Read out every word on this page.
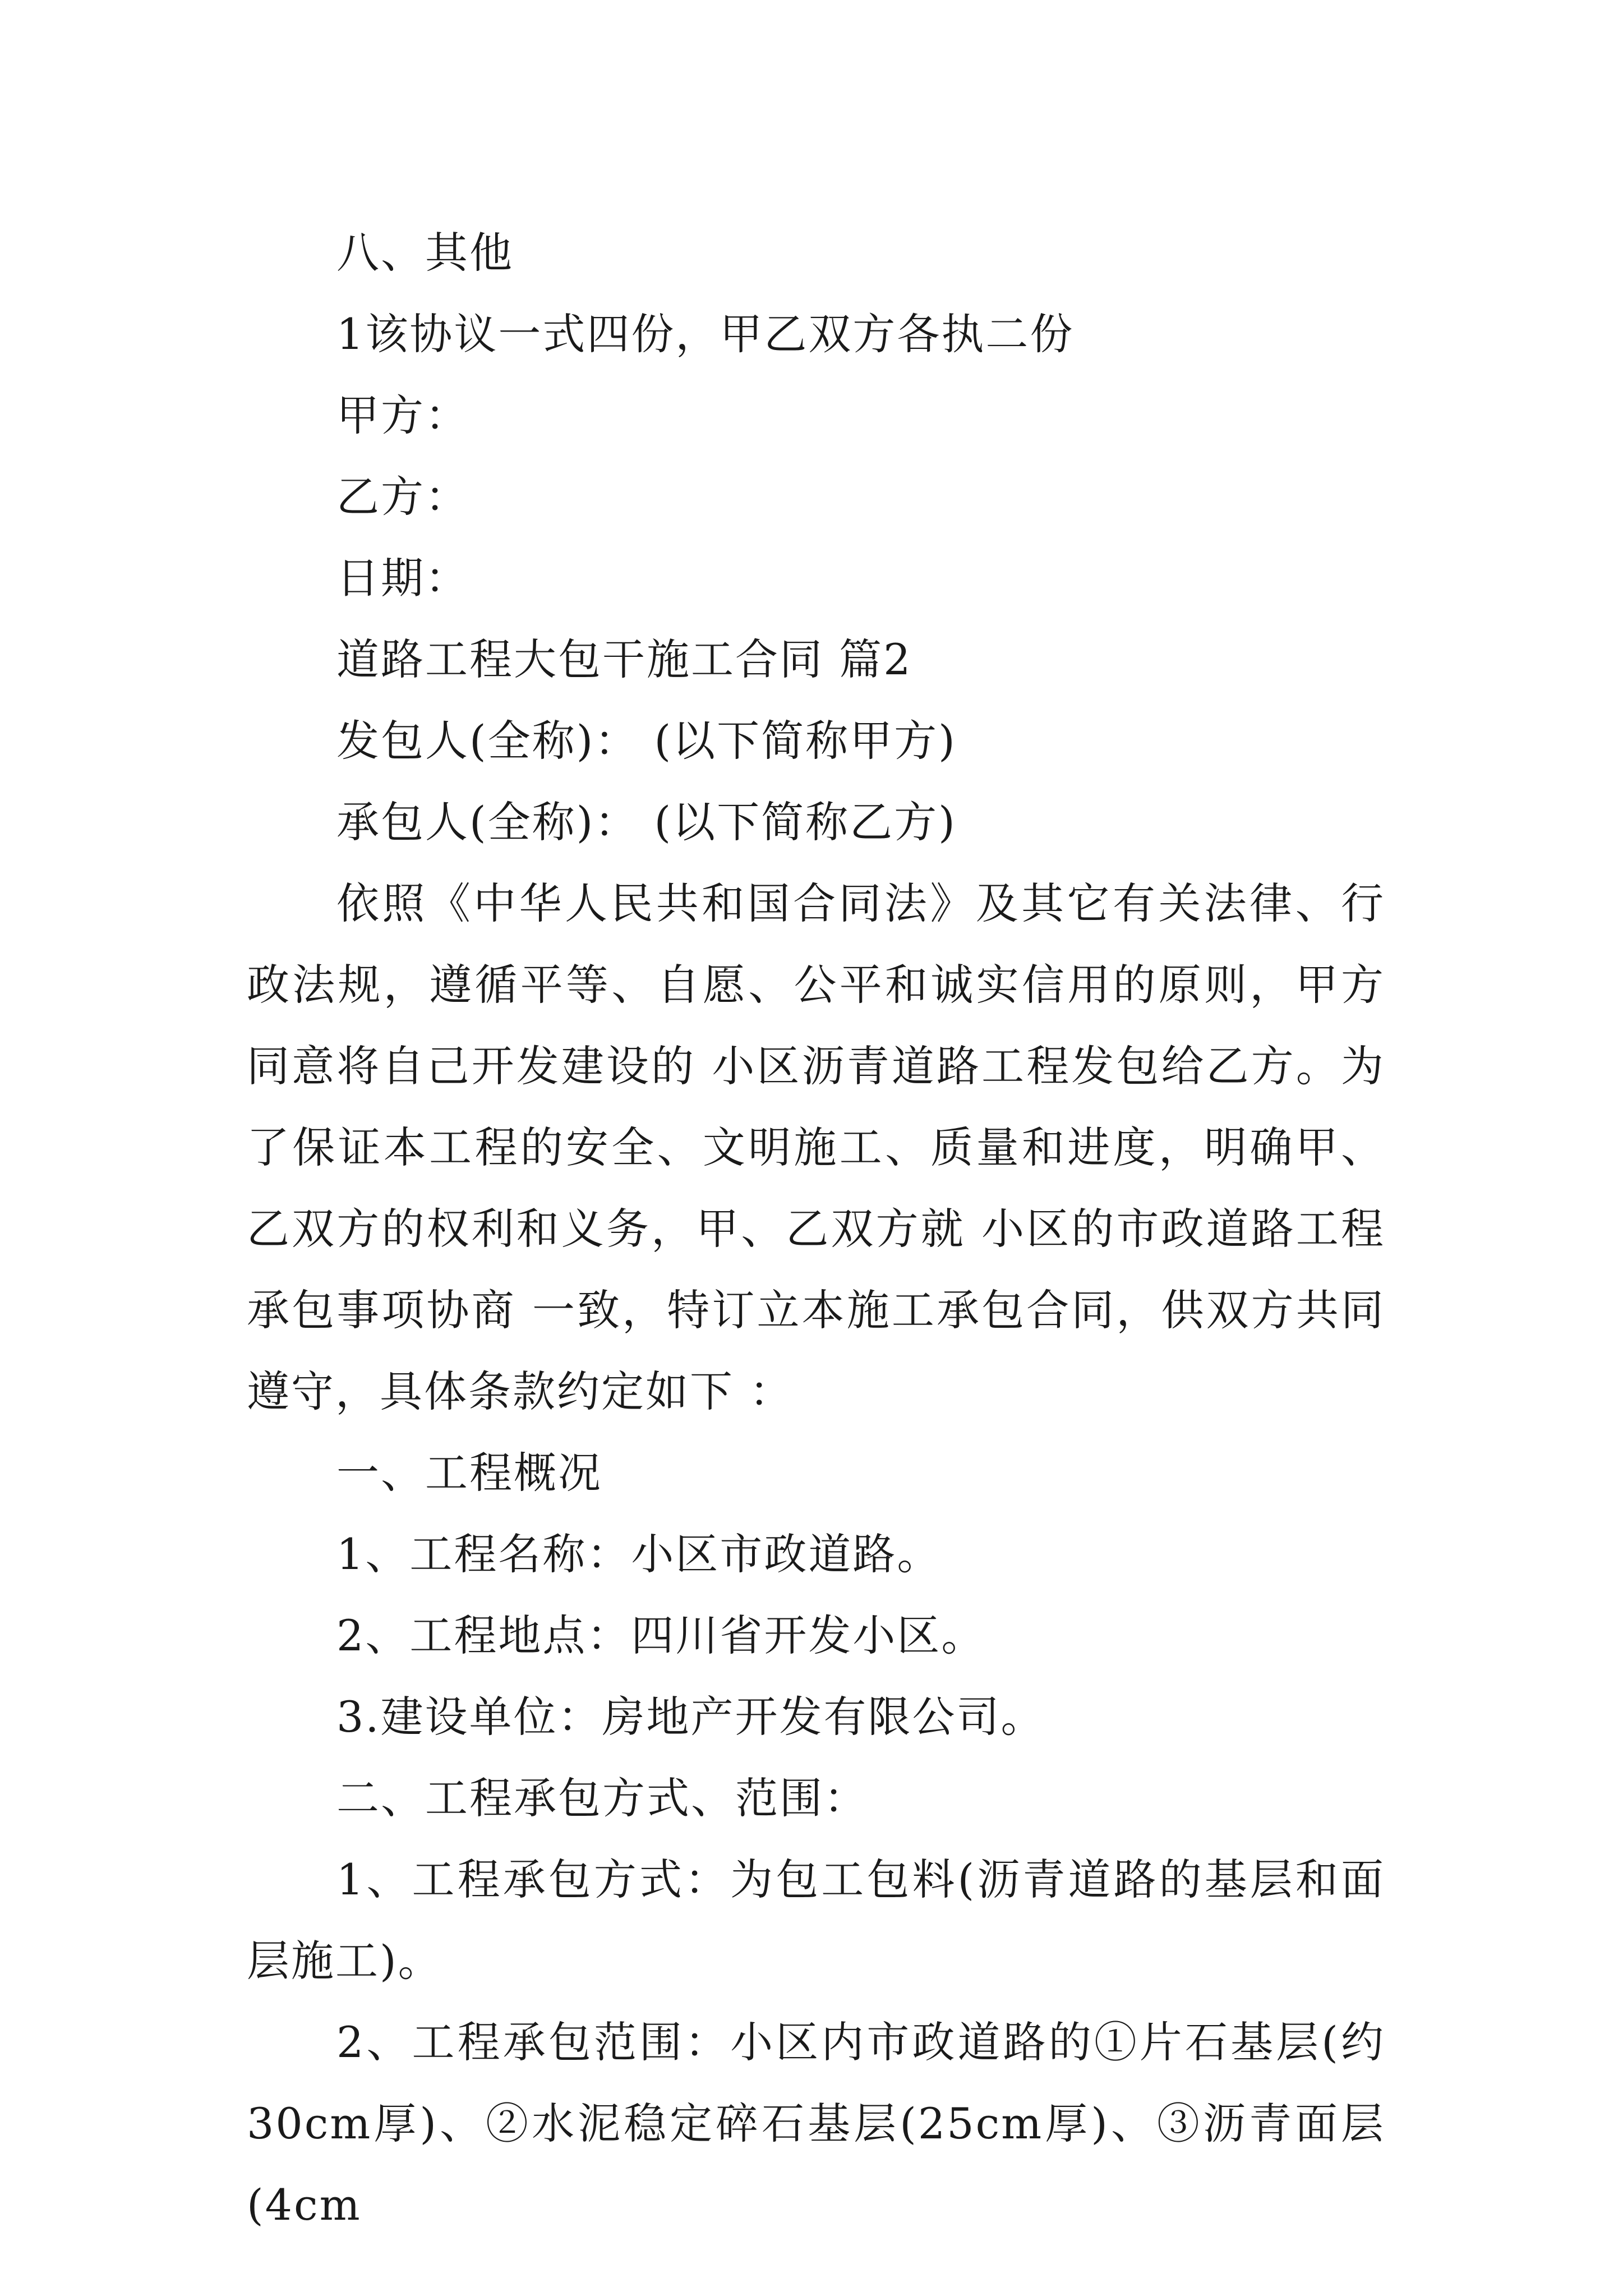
八、其他

1该协议一式四份，甲乙双方各执二份

甲方：

乙方：

日期：

道路工程大包干施工合同 篇2

发包人(全称)： (以下简称甲方)

承包人(全称)： (以下简称乙方)

依照《中华人民共和国合同法》及其它有关法律、行政法规，遵循平等、自愿、公平和诚实信用的原则，甲方同意将自己开发建设的 小区沥青道路工程发包给乙方。为了保证本工程的安全、文明施工、质量和进度，明确甲、乙双方的权利和义务，甲、乙双方就 小区的市政道路工程承包事项协商 一致，特订立本施工承包合同，供双方共同遵守，具体条款约定如下 ：

一、工程概况

1、工程名称：小区市政道路。

2、工程地点：四川省开发小区。

3.建设单位：房地产开发有限公司。

二、工程承包方式、范围：

1、工程承包方式：为包工包料(沥青道路的基层和面层施工)。

2、工程承包范围：小区内市政道路的①片石基层(约30cm厚)、②水泥稳定碎石基层(25cm厚)、③沥青面层(4cm
